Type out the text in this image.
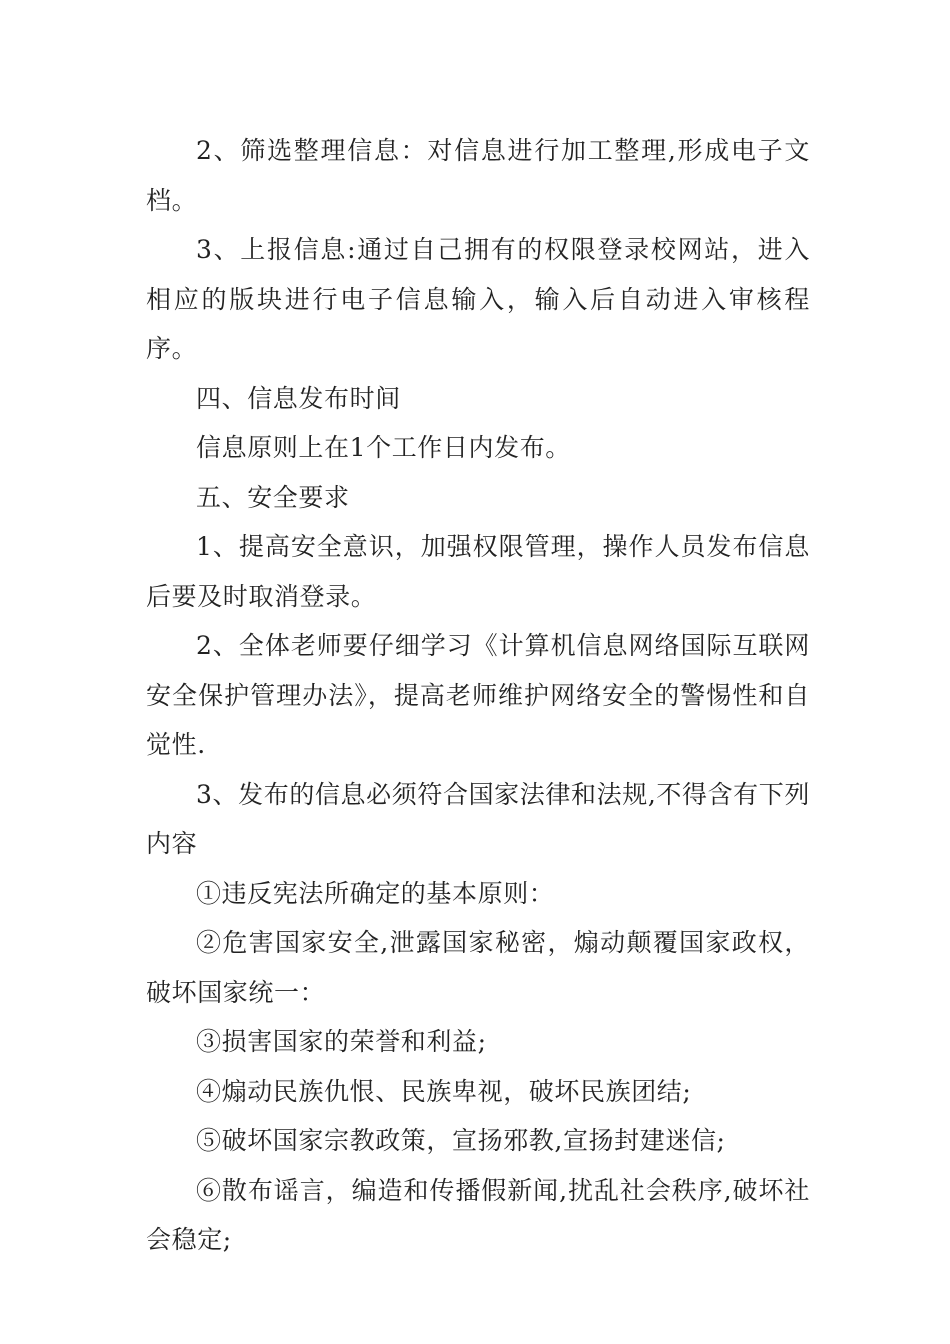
2、筛选整理信息：对信息进行加工整理,形成电子文档。

3、上报信息:通过自己拥有的权限登录校网站，进入相应的版块进行电子信息输入，输入后自动进入审核程序。

四、信息发布时间

信息原则上在1个工作日内发布。

五、安全要求

1、提高安全意识，加强权限管理，操作人员发布信息后要及时取消登录。

2、全体老师要仔细学习《计算机信息网络国际互联网安全保护管理办法》，提高老师维护网络安全的警惕性和自觉性.

3、发布的信息必须符合国家法律和法规,不得含有下列内容

①违反宪法所确定的基本原则：

②危害国家安全,泄露国家秘密，煽动颠覆国家政权，破坏国家统一：

③损害国家的荣誉和利益;

④煽动民族仇恨、民族卑视，破坏民族团结;

⑤破坏国家宗教政策，宣扬邪教,宣扬封建迷信;

⑥散布谣言，编造和传播假新闻,扰乱社会秩序,破坏社会稳定;
